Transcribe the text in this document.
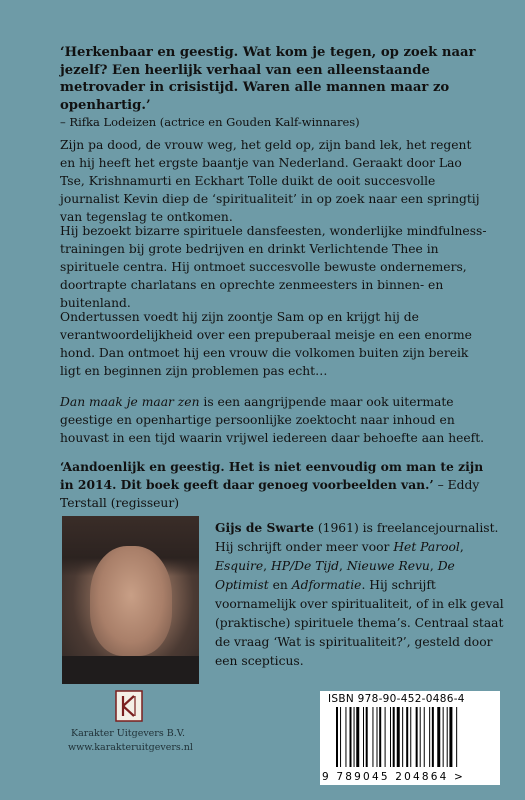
‘Herkenbaar en geestig. Wat kom je tegen, op zoek naar jezelf? Een heerlijk verhaal van een alleenstaande metrovader in crisistijd. Waren alle mannen maar zo openhartig.’
– Rifka Lodeizen (actrice en Gouden Kalf-winnares)
Zijn pa dood, de vrouw weg, het geld op, zijn band lek, het regent en hij heeft het ergste baantje van Nederland. Geraakt door Lao Tse, Krishnamurti en Eckhart Tolle duikt de ooit succesvolle journalist Kevin diep de ‘spiritualiteit’ in op zoek naar een springtij van tegenslag te ontkomen.
Hij bezoekt bizarre spirituele dansfeesten, wonderlijke mindfulness-trainingen bij grote bedrijven en drinkt Verlichtende Thee in spirituele centra. Hij ontmoet succesvolle bewuste ondernemers, doortrapte charlatans en oprechte zenmeesters in binnen- en buitenland.
Ondertussen voedt hij zijn zoontje Sam op en krijgt hij de verantwoordelijkheid over een prepuberaal meisje en een enorme hond. Dan ontmoet hij een vrouw die volkomen buiten zijn bereik ligt en beginnen zijn problemen pas echt…
Dan maak je maar zen is een aangrijpende maar ook uitermate geestige en openhartige persoonlijke zoektocht naar inhoud en houvast in een tijd waarin vrijwel iedereen daar behoefte aan heeft.
‘Aandoenlijk en geestig. Het is niet eenvoudig om man te zijn in 2014. Dit boek geeft daar genoeg voorbeelden van.’ – Eddy Terstall (regisseur)
Gijs de Swarte (1961) is freelancejournalist. Hij schrijft onder meer voor Het Parool, Esquire, HP/De Tijd, Nieuwe Revu, De Optimist en Adformatie. Hij schrijft voornamelijk over spiritualiteit, of in elk geval (praktische) spirituele thema’s. Centraal staat de vraag ‘Wat is spiritualiteit?’, gesteld door een scepticus.
Karakter Uitgevers B.V.
www.karakteruitgevers.nl
ISBN 978-90-452-0486-4
9 789045 204864 >
